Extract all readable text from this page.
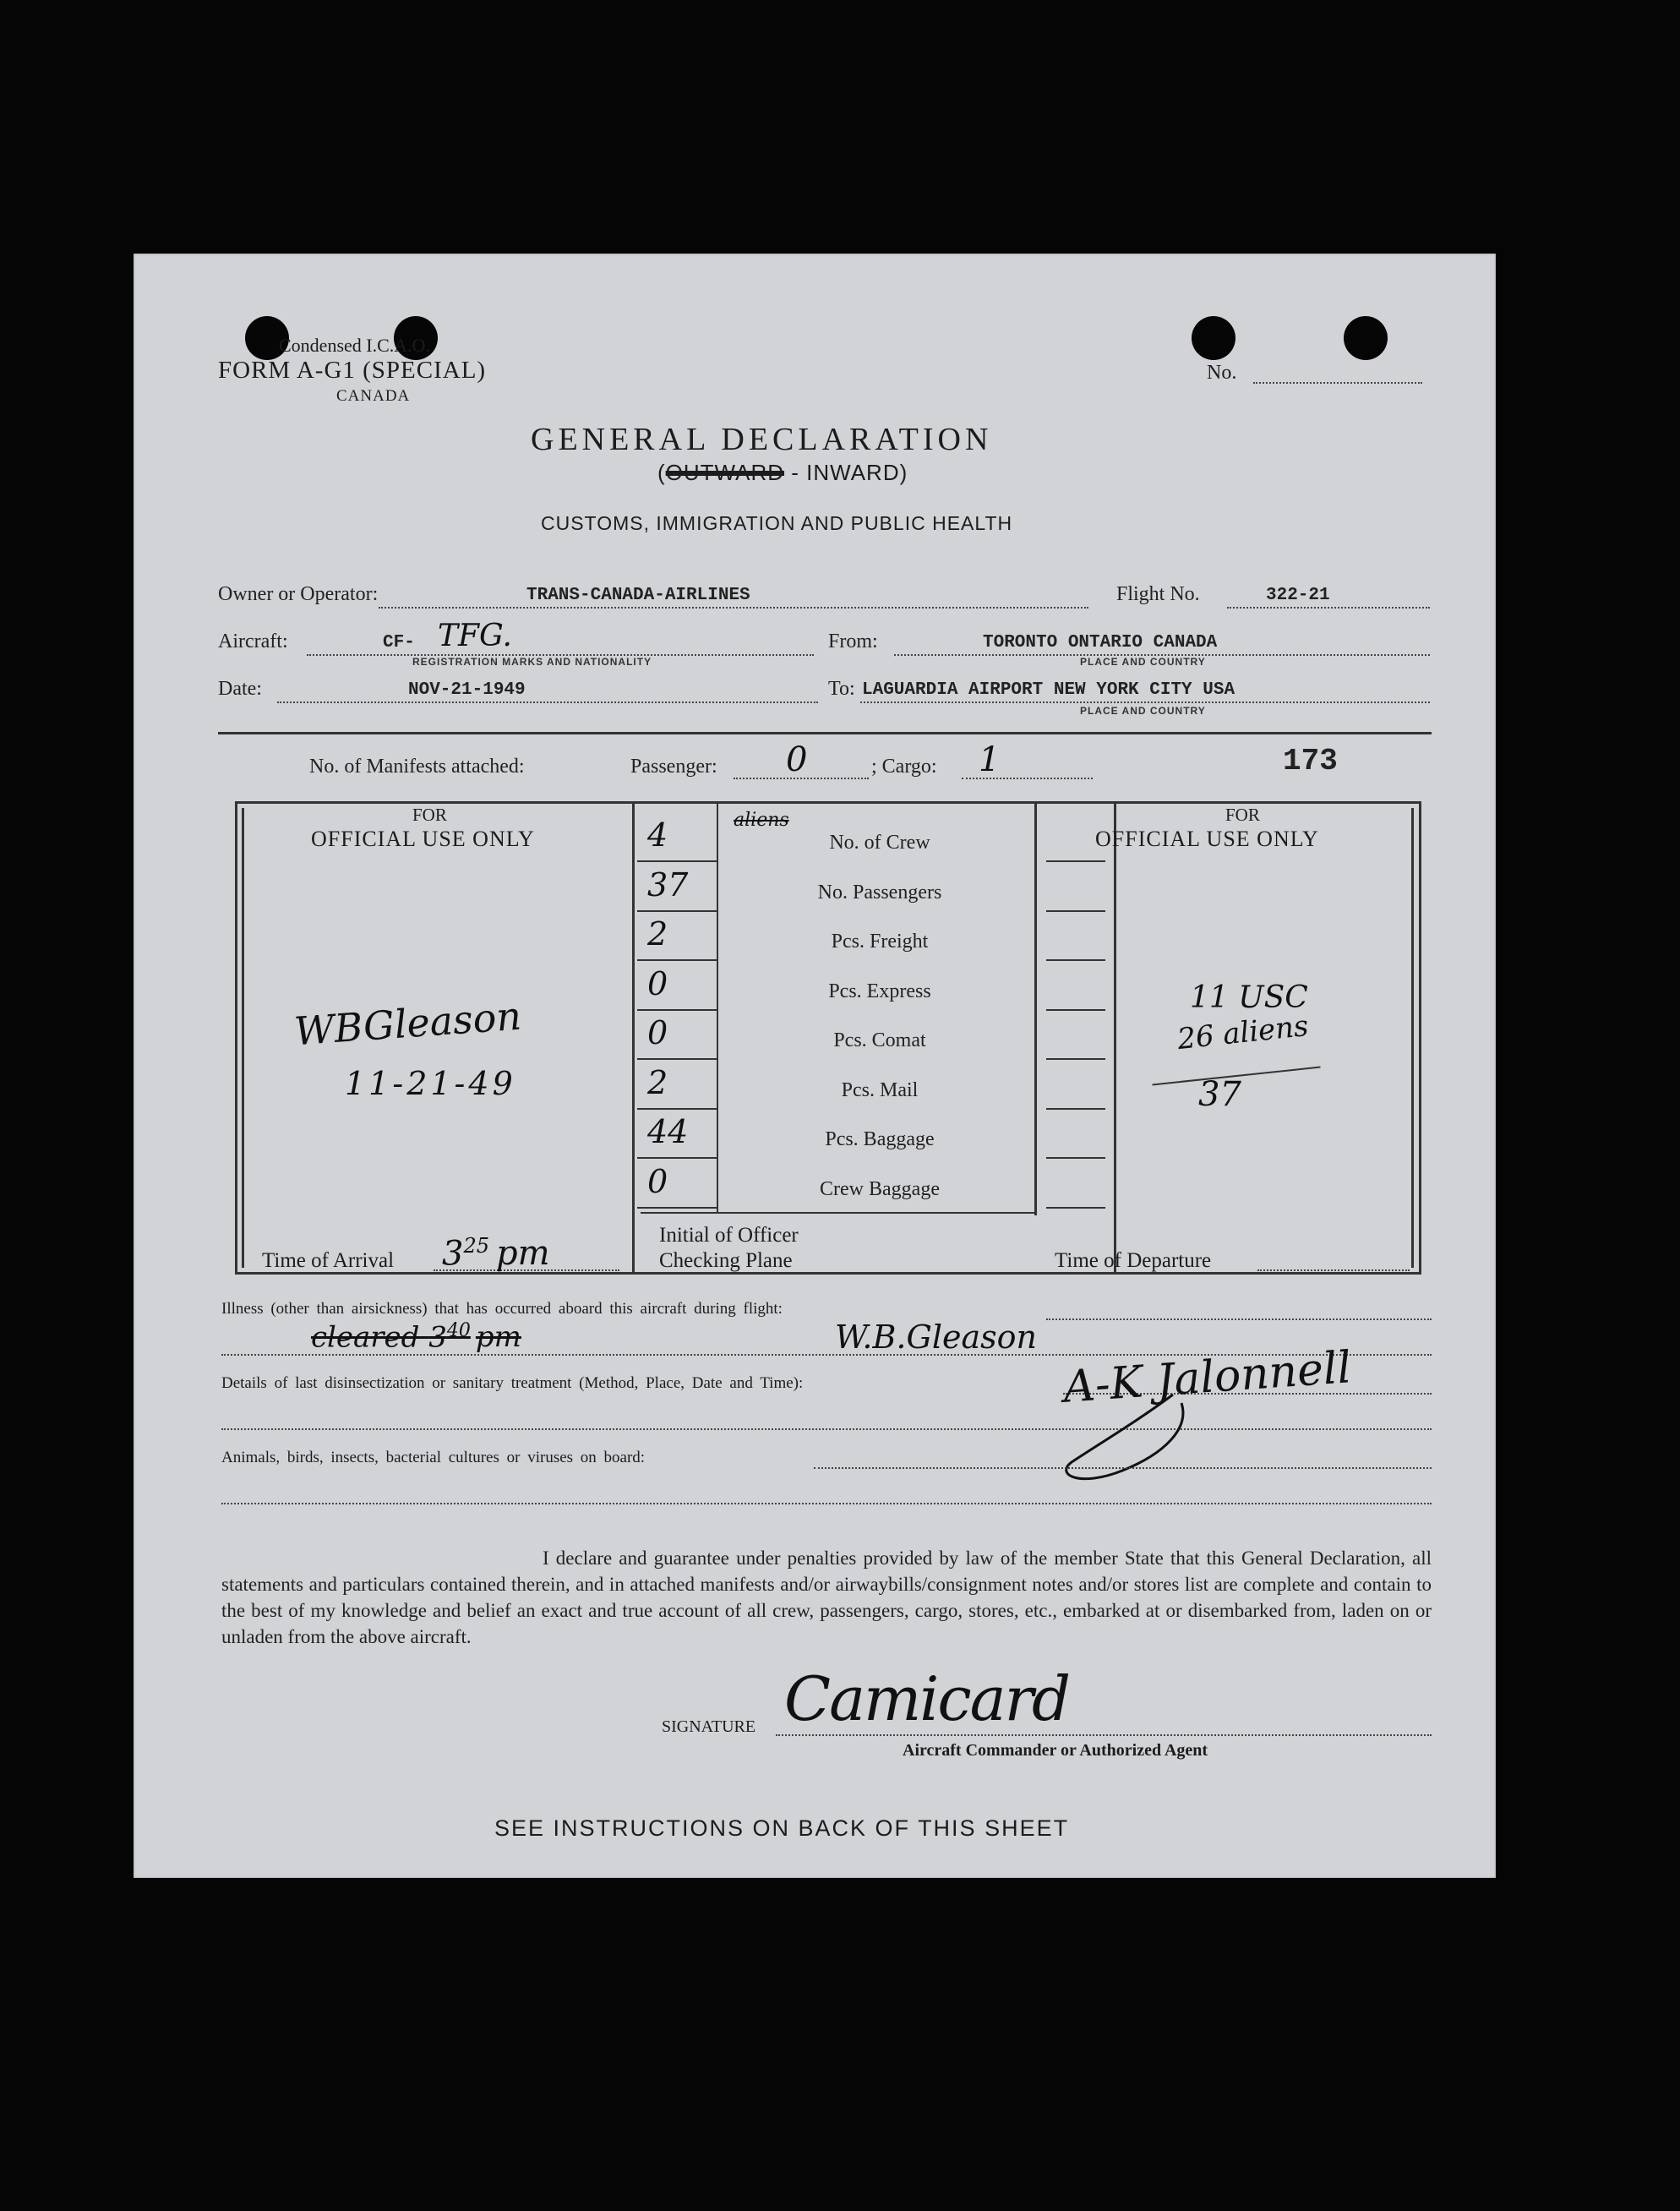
Condensed I.C.A.O.
FORM A-G1 (SPECIAL)
CANADA
No.
GENERAL DECLARATION
(OUTWARD - INWARD)
CUSTOMS, IMMIGRATION AND PUBLIC HEALTH
Owner or Operator:	TRANS-CANADA-AIRLINES	Flight No.	322-21
Aircraft:	CF- TFG.
REGISTRATION MARKS AND NATIONALITY
From:	TORONTO ONTARIO CANADA
PLACE AND COUNTRY
Date:	NOV-21-1949	To: LAGUARDIA AIRPORT NEW YORK CITY USA
PLACE AND COUNTRY
No. of Manifests attached:	Passenger: 0	; Cargo: 1	173
FOR
OFFICIAL USE ONLY
FOR
OFFICIAL USE ONLY
aliens
WBGleason
11-21-49
11 USC
26 aliens
37
Time of Arrival $3^{25}$ pm	Initial of Officer
Checking Plane	Time of Departure
Illness (other than airsickness) that has occurred aboard this aircraft during flight:
cleared $3^{40}$ pm	W.B.Gleason
Details of last disinsectization or sanitary treatment (Method, Place, Date and Time):	A-K Jalonnell
Animals, birds, insects, bacterial cultures or viruses on board:
I declare and guarantee under penalties provided by law of the member State that this General Declaration, all statements and particulars contained therein, and in attached manifests and/or airwaybills/consignment notes and/or stores list are complete and contain to the best of my knowledge and belief an exact and true account of all crew, passengers, cargo, stores, etc., embarked at or disembarked from, laden on or unladen from the above aircraft.
SIGNATURE Camicard
Aircraft Commander or Authorized Agent
SEE INSTRUCTIONS ON BACK OF THIS SHEET
4	No. of Crew
37	No. Passengers
2	Pcs. Freight
0	Pcs. Express
0	Pcs. Comat
2	Pcs. Mail
44	Pcs. Baggage
0	Crew Baggage
